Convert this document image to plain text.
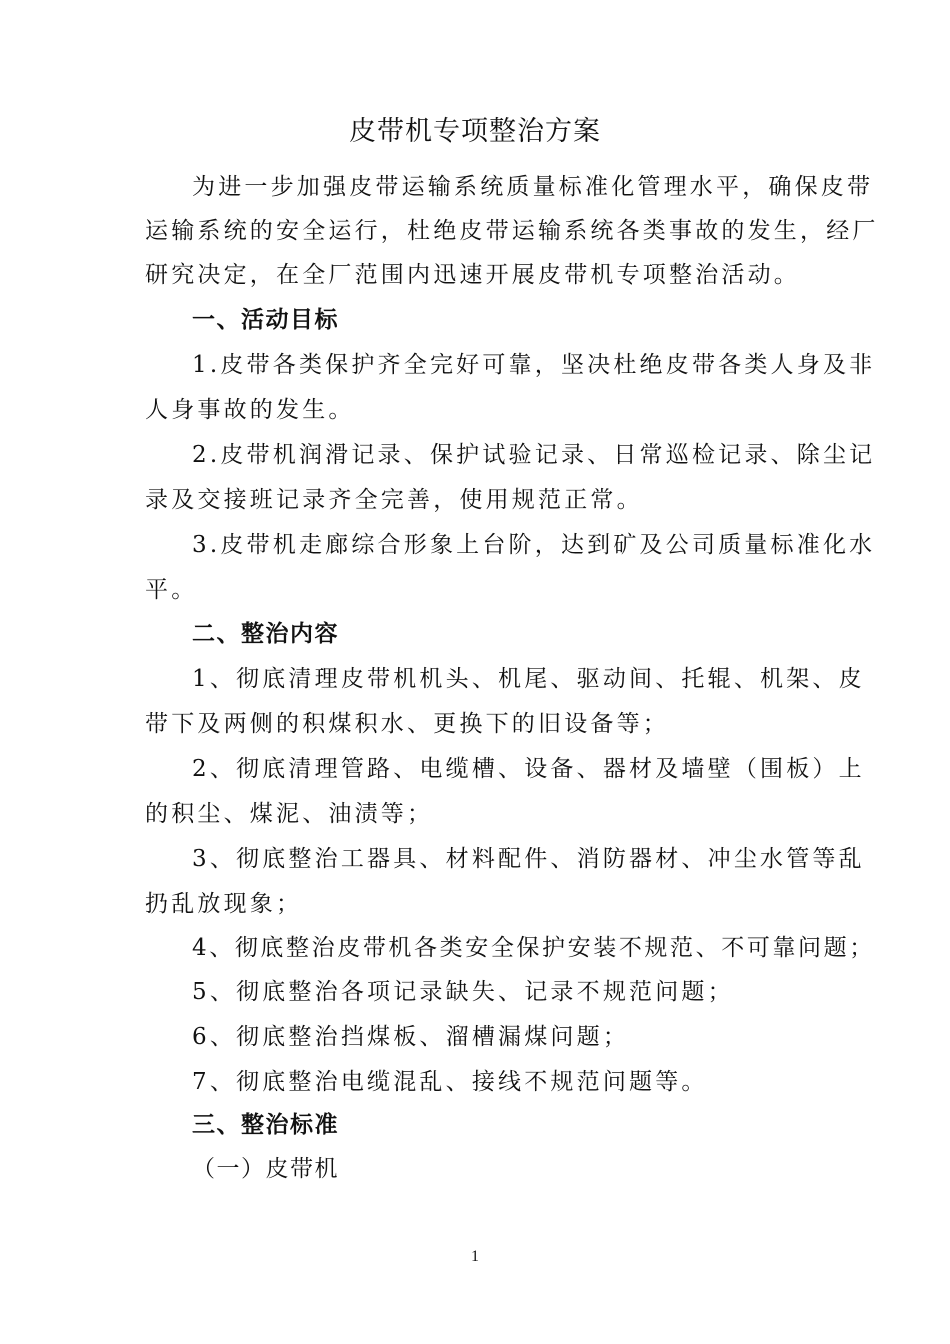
皮带机专项整治方案
为进一步加强皮带运输系统质量标准化管理水平，确保皮带
运输系统的安全运行，杜绝皮带运输系统各类事故的发生，经厂
研究决定，在全厂范围内迅速开展皮带机专项整治活动。
一、活动目标
1.皮带各类保护齐全完好可靠，坚决杜绝皮带各类人身及非
人身事故的发生。
2.皮带机润滑记录、保护试验记录、日常巡检记录、除尘记
录及交接班记录齐全完善，使用规范正常。
3.皮带机走廊综合形象上台阶，达到矿及公司质量标准化水
平。
二、整治内容
1、彻底清理皮带机机头、机尾、驱动间、托辊、机架、皮
带下及两侧的积煤积水、更换下的旧设备等；
2、彻底清理管路、电缆槽、设备、器材及墙壁（围板）上
的积尘、煤泥、油渍等；
3、彻底整治工器具、材料配件、消防器材、冲尘水管等乱
扔乱放现象；
4、彻底整治皮带机各类安全保护安装不规范、不可靠问题；
5、彻底整治各项记录缺失、记录不规范问题；
6、彻底整治挡煤板、溜槽漏煤问题；
7、彻底整治电缆混乱、接线不规范问题等。
三、整治标准
（一）皮带机
1
